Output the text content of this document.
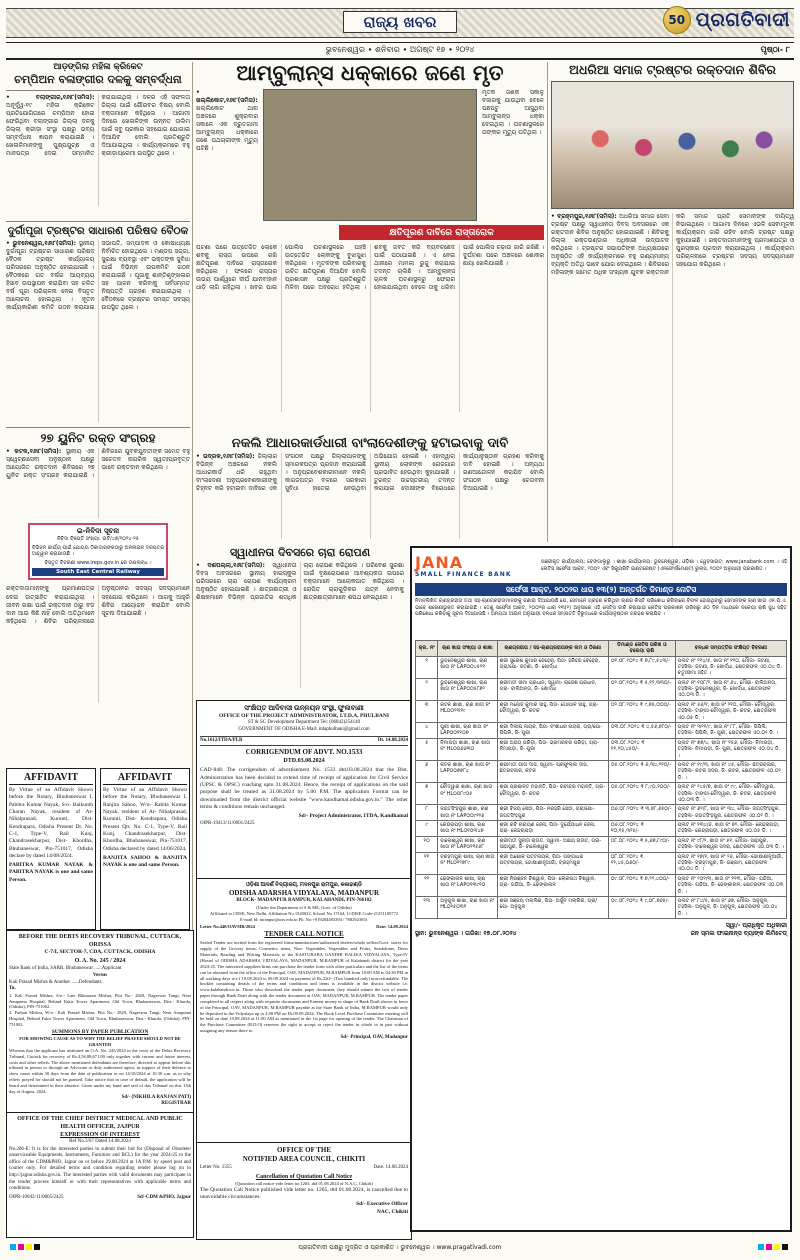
ରାଜ୍ୟ ଖବର	50 ପ୍ରଗତିବାଦୀ
ଭୁବନେଶ୍ୱର ∙ ଶନିବାର ∙ ଅଗଷ୍ଟ ୧୭ ∙ ୨୦୨୪	ପୃଷ୍ଠା- ୮
ଆଡ଼ଙ୍ଗିଲା ମହିଳା କ୍ରିକେଟ
ଚମ୍ପିଅନ ବଳାଙ୍ଗୀର ଦଳକୁ ସମ୍ବର୍ଦ୍ଧନା
• ବଲାଙ୍ଗୀର,୧୬ା୮(ସମିସ): ଅନୂର୍ଦ୍ଧ୍ୱ-୧୯ ମହିଳା କ୍ରିକେଟ ପ୍ରତିଯୋଗିତାରେ ଚମ୍ପିଅନ ହୋଇ ଫେରିଥିବା ବଲାଙ୍ଗୀର ଜିଲ୍ଲା ଦଳକୁ ଜିଲ୍ଲା କ୍ରୀଡ଼ା ସଂସ୍ଥା ପକ୍ଷରୁ ଭବ୍ୟ ସମ୍ବର୍ଦ୍ଧନା ଜ୍ଞାପନ କରାଯାଇଛି । ଖେଳାଳିମାନଙ୍କୁ ପୁଷ୍ପଗୁଚ୍ଛ ଓ ମାନପତ୍ର ଦେଇ ସମ୍ମାନିତ କରାଯାଇଥିଲା । ଦଳର ଏହି ସଫଳତା ଜିଲ୍ଲା ପାଇଁ ଗୌରବର ବିଷୟ ବୋଲି ବକ୍ତାମାନେ କହିଥିଲେ । ଆଗାମୀ ଦିନରେ ଖେଳାଳିଙ୍କ ଉନ୍ନତ ତାଲିମ ପାଇଁ ସବୁ ପ୍ରକାର ସହଯୋଗ ଯୋଗାଇ ଦିଆଯିବ ବୋଲି ପ୍ରତିଶ୍ରୁତି ଦିଆଯାଇଥିଲା । କାର୍ଯ୍ୟକ୍ରମରେ ବହୁ କ୍ରୀଡ଼ାପ୍ରେମୀ ଉପସ୍ଥିତ ଥିଲେ ।
ଦୁର୍ଗାପୂଜା ଟ୍ରଷ୍ଟର ସାଧାରଣ ପରିଷଦ ବୈଠକ
• ଭୁବନେଶ୍ୱର,୧୬ା୮(ସମିସ): ସ୍ଥାନୀୟ ଦୁର୍ଗାପୂଜା ଟ୍ରଷ୍ଟର ସାଧାରଣ ପରିଷଦ ବୈଠକ ଟ୍ରଷ୍ଟ କାର୍ଯ୍ୟାଳୟ ପରିସରରେ ଅନୁଷ୍ଠିତ ହୋଇଯାଇଛି । ବୈଠକରେ ଗତ ବର୍ଷର ଆୟବ୍ୟୟ ହିସାବ ଉପସ୍ଥାପନ କରାଯିବା ସହ ଚଳିତ ବର୍ଷ ପୂଜା ପରିଚାଳନା ନେଇ ବିସ୍ତୃତ ଆଲୋଚନା ହୋଇଥିଲା । ନୂତନ କାର୍ଯ୍ୟକାରିଣୀ କମିଟି ଗଠନ କରାଯାଇ ସଭାପତି, ସମ୍ପାଦକ ଓ କୋଷାଧ୍ୟକ୍ଷ ନିର୍ବାଚିତ ହୋଇଥିଲେ । ମଣ୍ଡପ ସଜ୍ଜା, ସୁରକ୍ଷା ବ୍ୟବସ୍ଥା ଏବଂ ଭକ୍ତଙ୍କ ସୁବିଧା ପାଇଁ ବିଭିନ୍ନ ଉପକମିଟି ଗଠନ କରାଯାଇଛି । ପୂଜାକୁ ଶାନ୍ତିଶୃଙ୍ଖଳାର ସହ ପାଳନ କରିବାକୁ ସର୍ବସମ୍ମତ ନିଷ୍ପତ୍ତି ଗ୍ରହଣ କରାଯାଇଥିଲା । ବୈଠକରେ ଟ୍ରଷ୍ଟର ସମସ୍ତ ସଦସ୍ୟ ଉପସ୍ଥିତ ଥିଲେ ।
୨୭ ୟୁନିଟ ରକ୍ତ ସଂଗ୍ରହ
• କଟକ,୧୬ା୮(ସମିସ): ସ୍ଥାନୀୟ ଏକ ସ୍ୱେଚ୍ଛାସେବୀ ଅନୁଷ୍ଠାନ ପକ୍ଷରୁ ଆୟୋଜିତ ରକ୍ତଦାନ ଶିବିରରେ ୨୭ ୟୁନିଟ ରକ୍ତ ସଂଗ୍ରହ କରାଯାଇଛି । ଶିବିରରେ ଯୁବକଯୁବତୀଙ୍କ ସମେତ ବହୁ ସଚେତନ ନାଗରିକ ସ୍ୱତଃପ୍ରବୃତ୍ତ ଭାବେ ରକ୍ତଦାନ କରିଥିଲେ ।
ଇ-ନିବିଦା ସୂଚନା
ନିବିଦା ବିଜ୍ଞପ୍ତି ସଂଖ୍ୟା: ଇଟି/୪୭/୨୦୨୪-୨୫
ବିଭିନ୍ନ କାର୍ଯ୍ୟ ପାଇଁ ଯୋଗ୍ୟ ଠିକାଦାରଙ୍କଠାରୁ ଅନଲାଇନ ଦରପତ୍ର ଆହ୍ୱାନ କରାଯାଉଛି ।
ବିସ୍ତୃତ ବିବରଣୀ www.ireps.gov.in ରେ ଉପଲବ୍ଧ ।
South East Central Railway
ରକ୍ତଦାତାମାନଙ୍କୁ ପ୍ରମାଣପତ୍ର ଦେଇ ଉତ୍ସାହିତ କରାଯାଇଥିଲା । ଜୀବନ ରକ୍ଷା ପାଇଁ ରକ୍ତଦାନ ଠାରୁ ବଡ଼ ଦାନ ଆଉ କିଛି ନାହିଁ ବୋଲି ଅତିଥିମାନେ କହିଥିଲେ । ଶିବିର ପରିଚାଳନାରେ ଅନୁଷ୍ଠାନର ସଦସ୍ୟ ସଦସ୍ୟାମାନେ ସହଯୋଗ କରିଥିଲେ । ଆଗକୁ ଆହୁରି ଶିବିର ଆୟୋଜନ କରାଯିବ ବୋଲି ସୂଚନା ଦିଆଯାଇଛି ।
AFFIDAVIT
By Virtue of an Affidavit Shown before the Notary, Bhubaneswar I, Pabitra Kumar Nayak, S/o- Baikunth Charan Nayak, resident of At- Nihalprasad, Kurunti, Dist- Kendrapara, Odisha Present Dr. No. C-1, Type-V, Rail Kunj, Chandrasekharpur, Dist- Khordha, Bhubaneswar, Pin-751017, Odisha declare by dated 14/08/2024.
PABITRA KUMAR NAYAK & PABITRA NAYAK is one and same Person.
AFFIDAVIT
By Virtue of an Affidavit Shown before the Notary, Bhubaneswar I, Ranjita Sahoo, W/o- Rabita Kumar Nayak, resident of At- Nihalprasad, Kurunti, Dist- Kendrapara, Odisha Present Qtr. No. C-1, Type-V, Rail Kunj, Chandrasekharpur, Dist- Khordha, Bhubaneswar, Pin-751017, Odisha declared by dated 14/06/2024.
RANJITA SAHOO & RANJITA NAYAK is one and same Person.
BEFORE THE DEBTS RECOVERY TRIBUNAL, CUTTACK, ORISSA
C-7/I, SECTOR-7, CDA, CUTTACK, ODISHA
O. A. No. 245 / 2024
State Bank of India, SARB, Bhubaneswar ......Applicant
Versus
Kali Prasad Mishra & Another ......Defendants
To,
1. Kali Prasad Mishra, S/o.- Late Bhimasen Mishra, Plot No.- 2829, Nageswar Tangi, Near Anupuma Hospital, Behind Fakir Tower Apartment, Old Town, Bhubaneswar, Dist.- Khurda, (Odisha), PIN-751002.
2. Parbati Mishra, W/o.- Kali Prasad Mishra, Plot No.- 2829, Nageswar Tangi, Near Anupuma Hospital, Behind Fakir Tower Apartment, Old Town, Bhubaneswar, Dist.- Khurda, (Odisha), PIN-751002.
SUMMONS BY PAPER PUBLICATION
FOR SHOWING CAUSE AS TO WHY THE RELIEF PRAYED SHOULD NOT BE GRANTED
Whereas that the applicant has instituted an O.A. No. 245/2024 in the court of the Debts Recovery Tribunal, Cuttack for recovery of Rs.4,56,88,671.00 only together with current and future interest, costs and other reliefs. The above mentioned defendants are therefore, directed to appear before this tribunal in person or through an Advocate or duly authorized agent, in support of their defence to show cause within 30 days from the date of publication or on 14/10/2024 at 10.30 a.m. as to why reliefs prayed for should not be granted. Take notice that in case of default, the application will be heard and determined in their absence. Given under my hand and seal of this Tribunal on this 13th day of August, 2024.
Sd/- (NIKHILA RANJAN PATI)
REGISTRAR
OFFICE OF THE CHIEF DISTRICT MEDICAL AND PUBLIC HEALTH OFFICER, JAJPUR
EXPRESSION OF INTEREST
Ref No.3/67 Dated 14.08.2024
No.206-E: It is for the interested parties to submit their bid for (Disposal of Obsolete/ unserviceable Equipments, Instruments, Furniture and BCL) for the year 2024-25 to the office of the CDM&PHO, Jajpur on or before 29.08.2024 at 1A P.M. by speed post and courier only. For detailed terms and condition regarding tender please log on to http://jajpur.odisha.gov.in. The interested parties with valid documents may participate in the tender process himself or with their representatives with applicable terms and conditions.
OIPR-10042/11/0005/2425	Sd/-CDM &PHO, Jajpur
ଆମ୍ବୁଲାନ୍ସ ଧକ୍କାରେ ଜଣେ ମୃତ
• ଖଲ୍ଲିକୋଟ,୧୬ା୮(ସମିସ): ଖଲ୍ଲିକୋଟ ଥାନା ଅଞ୍ଚଳରେ ଶୁକ୍ରବାର ସକାଳେ ଏକ ଦ୍ରୁତଗାମୀ ଆମ୍ବୁଲାନ୍ସ ଧକ୍କାରେ ଜଣେ ପଥଚାରୀଙ୍କ ମୃତ୍ୟୁ ଘଟିଛି ।
ମୃତକ ଜଣକ ସକାଳୁ ବଜାରକୁ ଯାଉଥିବା ବେଳେ ପଛପଟୁ ଆସୁଥିବା ଆମ୍ବୁଲାନ୍ସ ଧକ୍କା ଦେଇଥିଲା । ଘଟଣାସ୍ଥଳରେ ତାଙ୍କର ମୃତ୍ୟୁ ଘଟିଥିଲା ।
କ୍ଷତିପୂରଣ ଦାବିରେ ରାସ୍ତାରୋକ
ଘଟଣା ପରେ ଉତ୍ତେଜିତ ଲୋକେ ଶବକୁ ରାସ୍ତା ଉପରେ ରଖି କ୍ଷତିପୂରଣ ଦାବିରେ ରାସ୍ତାରୋକ କରିଥିଲେ । ଫଳରେ ରାସ୍ତାର ଉଭୟ ପାର୍ଶ୍ୱରେ ଦୀର୍ଘ ଯାନବାହାନ ଧାଡ଼ି ଲାଗି ରହିଥିଲା । ଖବର ପାଇ ପୋଲିସ ଘଟଣାସ୍ଥଳରେ ପହଞ୍ଚି ଉତ୍ତେଜିତ ଲୋକଙ୍କୁ ବୁଝାସୁଝା କରିଥିଲେ । ମୃତକଙ୍କ ପରିବାରକୁ ଉଚିତ କ୍ଷତିପୂରଣ ଦିଆଯିବ ବୋଲି ପ୍ରଶାସନ ପକ୍ଷରୁ ପ୍ରତିଶ୍ରୁତି ମିଳିବା ପରେ ଅବରୋଧ ହଟିଥିଲା । ଶବକୁ ଜବତ କରି ବ୍ୟବଚ୍ଛେଦ ପାଇଁ ପଠାଯାଇଛି । ଏ ନେଇ ଥାନାରେ ମାମଲା ରୁଜୁ କରାଯାଇ ତଦନ୍ତ ଚାଲିଛି । ଆମ୍ବୁଲାନ୍ସ ଚାଳକ ଘଟଣାସ୍ଥଳରୁ ଫେରାର ହୋଇଯାଇଥିବା ବେଳେ ତାକୁ ଧରିବା ପାଇଁ ପୋଲିସ ଚଢ଼ାଉ ଜାରି ରଖିଛି । ଦୁର୍ଘଟଣା ପରେ ଅଞ୍ଚଳରେ ଶୋକର ଛାୟା ଖେଳିଯାଇଛି ।
ନକଲି ଆଧାରକାର୍ଡଧାରୀ ବାଂଲାଦେଶୀଙ୍କୁ ହଟାଇବାକୁ ଦାବି
• ଭଦ୍ରକ,୧୬ା୮(ସମିସ): ଜିଲ୍ଲାର ବିଭିନ୍ନ ଅଞ୍ଚଳରେ ନକଲି ଆଧାରକାର୍ଡ ଧରି ରହୁଥିବା ବାଂଲାଦେଶୀ ଅନୁପ୍ରବେଶକାରୀଙ୍କୁ ଚିହ୍ନଟ କରି ହଟାଇବା ଦାବିରେ ଏକ ସଂଗଠନ ପକ୍ଷରୁ ଜିଲ୍ଲାପାଳଙ୍କୁ ସ୍ମାରକପତ୍ର ପ୍ରଦାନ କରାଯାଇଛି । ଅନୁପ୍ରବେଶକାରୀମାନେ ନକଲି କାଗଜପତ୍ର ବଳରେ ସରକାରୀ ସୁବିଧା ହାତେଇ ନେଉଥିବା ଅଭିଯୋଗ ହୋଇଛି । ଏହାଦ୍ୱାରା ସ୍ଥାନୀୟ ଲୋକଙ୍କ ରୋଜଗାର ପ୍ରଭାବିତ ହେଉଥିବା କୁହାଯାଇଛି । ତୁରନ୍ତ ଉଚ୍ଚସ୍ତରୀୟ ତଦନ୍ତ କରାଯାଇ ଦୋଷୀଙ୍କ ବିରୋଧରେ କାର୍ଯ୍ୟାନୁଷ୍ଠାନ ଗ୍ରହଣ କରିବାକୁ ଦାବି ହୋଇଛି । ଅନ୍ୟଥା ଗଣଆନ୍ଦୋଳନ କରାଯିବ ବୋଲି ସଂଗଠନ ପକ୍ଷରୁ ଚେତାବନୀ ଦିଆଯାଇଛି ।
ସ୍ୱାଧୀନତା ଦିବସରେ ଚାରା ରୋପଣ
• ଦଶପଲ୍ଲା,୧୬ା୮(ସମିସ): ସ୍ୱାଧୀନତା ଦିବସ ଅବସରରେ ସ୍ଥାନୀୟ ହାଇସ୍କୁଲ ପରିସରରେ ଚାରା ରୋପଣ କାର୍ଯ୍ୟକ୍ରମ ଅନୁଷ୍ଠିତ ହୋଇଯାଇଛି । ଛାତ୍ରଛାତ୍ରୀ ଓ ଶିକ୍ଷକମାନେ ବିଭିନ୍ନ ପ୍ରଜାତିର ଶତାଧିକ ଚାରା ରୋପଣ କରିଥିଲେ । ପରିବେଶ ସୁରକ୍ଷା ପାଇଁ ବୃକ୍ଷରୋପଣର ଆବଶ୍ୟକତା ଉପରେ ବକ୍ତାମାନେ ଆଲୋକପାତ କରିଥିଲେ । ରୋପିତ ଚାରାଗୁଡ଼ିକର ଯତ୍ନ ନେବାକୁ ଛାତ୍ରଛାତ୍ରୀମାନେ ଶପଥ ନେଇଥିଲେ ।
ସଂକ୍ଷିପ୍ତ ଆଦିବାସୀ ଉନ୍ନୟନ ସଂସ୍ଥା, ଫୁଲବାଣୀ
OFFICE OF THE PROJECT ADMINISTRATOR, I.T.D.A, PHULBANI
ST & SC Development Department Tel: (06842)254149
GOVERNMENT OF ODISHA E-Mail: itdaphulbani@gmail.com
No.1612/ITDA/PLB	Dt. 14.08.2024
CORRIGENDUM OF ADVT. NO.1533
DTD.03.08.2024
CAD-848: The corrigendum of advertisement No. 1533 dtd.03.08.2024 that the Dist. Administration has been decided to extend time of receipt of application for Civil Service (UPSC & OPSC) coaching upto 31.08.2024. Hence, the receipt of applications on the said purpose shall be treated as 31.08.2024 by 5.00 P.M. The application Format can be downloaded from the district official website "www.kandhamal.odisha.gov.in." The other terms & conditions remain unchanged.
Sd/- Project Administrator, ITDA, Kandhamal
OIPR-19413/11/0001/2425
ଓଡ଼ିଶା ଆଦର୍ଶ ବିଦ୍ୟାଳୟ, ମଦନପୁର ରାମପୁର, କଳାହାଣ୍ଡି
ODISHA ADARSHA VIDYALAYA, MADANPUR
BLOCK- MADANPUR RAMPUR, KALAHANDI, PIN-766102
(Under the Department of S & ME, Govt. of Odisha)
Affiliated to CBSE, New Delhi, Affiliation No.1520022, School No.17164, U-DISE Code-21251109772
E-mail Id: mranpur@oav.edu.in Ph. No:+919204483394 / 7682923651
Letter No.440/OAVMR/2024	Date: 14.08.2024
TENDER CALL NOTICE
Sealed Tender are invited from the registered firms/manufacturer/authorized dealers/whole sellers/Govt. stores for supply of the Grocery items, Cosmetics items, Non- Vegetables, Vegetables and Fruits, Seasbdome, Dress Materials, Reading and Writing Materials to the KASTURABA GANDHI BALIKA VIDYALAYA, Type-IV (Hostel of ODISHA ADARSHA VIDYALAYA, MADANPUR, M.RAMPUR of Kalahandi district for the year 2024-25. The interested suppliers/firms can purchase the tender form with other particulars and the list of the items can be obtained from the office of the Principal, OAV, MADANPUR, M.RAMPUR from 10:00 AM to 04:30 PM in all working days w.e.f 19.08.2024 to 09.09.2024 on payment of Rs.220/- (Two hundred only) non-refundable. The booklet containing details of the terms and conditions and items is available in the district website i.e. www.kalahandi.nic.in. Those who download the tender paper document, they should submit the cost of tender paper through Bank Draft along with the tender document at OAV, MADANPUR, M.RAMPUR. The tender paper completed in all respect along with requisite documents and Earnest money in shape of Bank Draft shown in favor of the Principal, OAV, MADANPUR, M.RAMPUR payable at the State Bank of India, M.RAMPUR would only be deposited in the Vidyalaya up to 4.00 PM on Dt.09.09.2024. The Book Level Purchase Committee meeting will be held on date 10.09.2024 at 11:00 AM as mentioned in the 1st page for opening of the tender. The Chairman of the Purchase Committee (B.D.O) reserves the right to accept or reject the tender in whole or in part without assigning any reason there to.
Sd/- Principal, OAV, Madanpur
OFFICE OF THE
NOTIFIED AREA COUNCIL, CHIKITI
Letter No. 1355	Date. 14.08.2024
Cancellation of Quotation Call Notice
(Quotation call notice vide letter no.1265, dtd 01.08.2024 of N.A.C, Chikiti)
The Quotation Call Notice published vide letter no. 1265, dtd 01.08.2024, is cancelled due to unavoidable circumstances.
Sd/- Executive Officer
NAC, Chikiti
ଅଧରିଆ ସମାଜ ଟ୍ରଷ୍ଟର ରକ୍ତଦାନ ଶିବିର
• ବ୍ରହ୍ମପୁର,୧୬ା୮(ସମିସ): ଅଧରିଆ ସମାଜ ସେବା ଟ୍ରଷ୍ଟ ପକ୍ଷରୁ ସ୍ୱାଧୀନତା ଦିବସ ଅବସରରେ ଏକ ରକ୍ତଦାନ ଶିବିର ଅନୁଷ୍ଠିତ ହୋଇଯାଇଛି । ଶିବିରକୁ ଜିଲ୍ଲା ରକ୍ତଭଣ୍ଡାର ଅଧିକାରୀ ଉଦ୍‌ଘାଟନ କରିଥିଲେ । ଟ୍ରଷ୍ଟର ସଭାପତିଙ୍କ ଅଧ୍ୟକ୍ଷତାରେ ଅନୁଷ୍ଠିତ ଏହି କାର୍ଯ୍ୟକ୍ରମରେ ବହୁ ଗଣ୍ୟମାନ୍ୟ ବ୍ୟକ୍ତି ଅତିଥି ଭାବେ ଯୋଗ ଦେଇଥିଲେ । ଶିବିରରେ ମହିଳାଙ୍କ ସମେତ ଅଧିକ ସଂଖ୍ୟକ ଯୁବକ ରକ୍ତଦାନ କରି ସମାଜ ପ୍ରତି ସେମାନଙ୍କ ଦାୟିତ୍ୱ ନିଭାଇଥିଲେ । ଆଗାମୀ ଦିନରେ ଏଭଳି ସେବାମୂଳକ କାର୍ଯ୍ୟକ୍ରମ ଜାରି ରହିବ ବୋଲି ଟ୍ରଷ୍ଟ ପକ୍ଷରୁ କୁହାଯାଇଛି । ରକ୍ତଦାତାମାନଙ୍କୁ ପ୍ରମାଣପତ୍ର ଓ ପୁରସ୍କାର ପ୍ରଦାନ କରାଯାଇଥିଲା । କାର୍ଯ୍ୟକ୍ରମ ପରିଚାଳନାରେ ଟ୍ରଷ୍ଟର ସଦସ୍ୟ ସଦସ୍ୟାମାନେ ସହଯୋଗ କରିଥିଲେ ।
JANA
SMALL FINANCE BANK
ପଞ୍ଜୀକୃତ କାର୍ଯ୍ୟାଳୟ: ବେଙ୍ଗାଲୁରୁ । ଶାଖା କାର୍ଯ୍ୟାଳୟ: ଭୁବନେଶ୍ୱର, ଓଡ଼ିଶା । ୱେବସାଇଟ୍: www.janabank.com । ଏହି ନୋଟିସ ସର୍ଫେସୀ ଆକ୍ଟ, ୨୦୦୨ ଏବଂ ସିକ୍ୟୁରିଟି ଇଣ୍ଟରେଷ୍ଟ (ଏନଫୋର୍ସମେଣ୍ଟ) ରୁଲ୍ସ, ୨୦୦୨ ଅନୁଯାୟୀ ପ୍ରକାଶିତ ।
ସର୍ଫେସୀ ଆକ୍ଟ, ୨୦୦୨ର ଧାରା ୧୩(୨) ଅନ୍ତର୍ଗତ ଡିମାଣ୍ଡ ନୋଟିସ
ନିମ୍ନଲିଖିତ ଋଣଗ୍ରହୀତା ତଥା ସହ-ଋଣଗ୍ରହୀତାମାନଙ୍କୁ ଜଣାଇ ଦିଆଯାଉଛି ଯେ, ସେମାନେ ଗ୍ରହଣ କରିଥିବା ଋଣର କିସ୍ତି ପରିଶୋଧ କରିବାରେ ବିଫଳ ହୋଇଥିବାରୁ ସେମାନଙ୍କ ଋଣ ଖାତା ଏନ.ପି.ଏ. ଭାବେ ଶ୍ରେଣୀଭୁକ୍ତ କରାଯାଇଛି । ତେଣୁ ସର୍ଫେସୀ ଆକ୍ଟ, ୨୦୦୨ର ଧାରା ୧୩(୨) ଅନୁସାରେ ଏହି ନୋଟିସ ଜାରି କରାଯାଇ ନୋଟିସ ପ୍ରକାଶନ ତାରିଖରୁ ୬୦ ଦିନ ମଧ୍ୟରେ ବକେୟା ରାଶି ସୁଧ ସହିତ ପରିଶୋଧ କରିବାକୁ ସୂଚନା ଦିଆଯାଉଛି । ଅନ୍ୟଥା ଆଇନ ଅନୁଯାୟୀ ବନ୍ଧକ ସମ୍ପତ୍ତି ବିରୁଦ୍ଧରେ କାର୍ଯ୍ୟାନୁଷ୍ଠାନ ଗ୍ରହଣ କରାଯିବ ।
କ୍ର. ନଂ	ଋଣ ଖାତା ସଂଖ୍ୟା ଓ ଶାଖା	ଋଣଗ୍ରହୀତା / ସହ-ଋଣଗ୍ରହୀତାଙ୍କ ନାମ ଓ ଠିକଣା	ଡିମାଣ୍ଡ ନୋଟିସ ତାରିଖ ଓ ବକେୟା ରାଶି	ବନ୍ଧକ ସମ୍ପତ୍ତିର ସଂକ୍ଷିପ୍ତ ବିବରଣୀ
୧	ଭୁବନେଶ୍ୱର ଶାଖା, ଋଣ ଖାତା ନଂ LAP୦୦୪୫୨୧	ଶ୍ରୀ ସୁରେଶ କୁମାର ବେହେରା, ପିତା- ହରିହର ବେହେରା, ଗ୍ରା/ପୋ- ଜଟଣୀ, ଜି- ଖୋର୍ଦ୍ଧା	୦୧.୦୮.୨୦୨୪ ₹ ୭,୮୯,୫୪୩/-	ପ୍ଲଟ ନଂ ୨୧୪/୫, ଖାତା ନଂ ୧୨୦, ମୌଜା- ଜଟଣୀ, ତହସିଲ- ଜଟଣୀ, ଜି- ଖୋର୍ଦ୍ଧା, କ୍ଷେତ୍ରଫଳ ଏ୦.୦୪ ଡି. ଚତୁଃସୀମା ସହିତ ।
୨	ଭୁବନେଶ୍ୱର ଶାଖା, ଋଣ ଖାତା ନଂ LAP୦୦୫୮୭୨	ଶ୍ରୀମତୀ ସୀମା ପ୍ରଧାନ, ସ୍ୱାମୀ- ରାଜେଶ ପ୍ରଧାନ, ଗ୍ରା- ବାଲିଅନ୍ତା, ଜି- ଖୋର୍ଦ୍ଧା	୦୨.୦୮.୨୦୨୪ ₹ ୫,୧୨,୩୩୦/-	ପ୍ଲଟ ନଂ ୧୦୮/୨, ଖାତା ନଂ ୬୪, ମୌଜା- ବାଲିଅନ୍ତା, ତହସିଲ- ଭୁବନେଶ୍ୱର, ଜି- ଖୋର୍ଦ୍ଧା, କ୍ଷେତ୍ରଫଳ ଏ୦.୦୩ ଡି. ।
୩	କଟକ ଶାଖା, ଋଣ ଖାତା ନଂ HL୦୦୨୩୧୯	ଶ୍ରୀ ମନୋଜ କୁମାର ସାହୁ, ପିତା- ଗୋପାଳ ସାହୁ, ଗ୍ରା- ଚୌଦ୍ୱାର, ଜି- କଟକ	୦୨.୦୮.୨୦୨୪ ₹ ୯,୭୫,୦୦୦/-	ପ୍ଲଟ ନଂ ୫୬/୧, ଖାତା ନଂ ୨୧୦, ମୌଜା- ଚୌଦ୍ୱାର, ତହସିଲ- ଟାଙ୍ଗୀ-ଚୌଦ୍ୱାର, ଜି- କଟକ, କ୍ଷେତ୍ରଫଳ ଏ୦.୦୫ ଡି. ।
୪	ପୁରୀ ଶାଖା, ଋଣ ଖାତା ନଂ LAP୦୦୧୧୦୭	ଶ୍ରୀ ଦିଲୀପ ନାୟକ, ପିତା- ବଂଶୀଧର ନାୟକ, ଗ୍ରା/ପୋ- ପିପିଲି, ଜି- ପୁରୀ	୦୩.୦୮.୨୦୨୪ ₹ ୪,୫୬,୭୮୦/-	ପ୍ଲଟ ନଂ ୩୨୧/୯, ଖାତା ନଂ ୮୮, ମୌଜା- ପିପିଲି, ତହସିଲ- ପିପିଲି, ଜି- ପୁରୀ, କ୍ଷେତ୍ରଫଳ ଏ୦.୦୨ ଡି. ।
୫	ନିମାପଡ଼ା ଶାଖା, ଋଣ ଖାତା ନଂ HL୦୦୬୬୩୦	ଶ୍ରୀ ଅଜୟ ପରିଡ଼ା, ପିତା- ଭ୍ରମରବର ପରିଡ଼ା, ଗ୍ରା- ନିମାପଡ଼ା, ଜି- ପୁରୀ	୦୩.୦୮.୨୦୨୪ ₹ ୧୧,୨୦,୪୫୦/-	ପ୍ଲଟ ନଂ ୭୭/୪, ଖାତା ନଂ ୧୫୬, ମୌଜା- ନିମାପଡ଼ା, ତହସିଲ- ନିମାପଡ଼ା, ଜି- ପୁରୀ, କ୍ଷେତ୍ରଫଳ ଏ୦.୦୪ ଡି. ।
୬	କଟକ ଶାଖା, ଋଣ ଖାତା ନଂ LAP୦୦୭୭୮୪	ଶ୍ରୀମତୀ ଗୀତା ଦାସ, ସ୍ୱାମୀ- ପ୍ରଫୁଲ୍ଲ ଦାସ, ଛତ୍ରବଜାର, କଟକ	୦୫.୦୮.୨୦୨୪ ₹ ୬,୩୪,୨୧୦/-	ପ୍ଲଟ ନଂ ୧୯/୩, ଖାତା ନଂ ୪୫, ମୌଜା- ଛତ୍ରବଜାର, ତହସିଲ- କଟକ ସଦର, ଜି- କଟକ, କ୍ଷେତ୍ରଫଳ ଏ୦.୦୨ ଡି. ।
୭	ଚୌଦ୍ୱାର ଶାଖା, ଋଣ ଖାତା ନଂ HL୦୦୮୯୦୫	ଶ୍ରୀ ପ୍ରଶାନ୍ତ ମହାନ୍ତି, ପିତା- ରବୀନ୍ଦ୍ର ମହାନ୍ତି, ଗ୍ରା- ଚୌଦ୍ୱାର, ଜି- କଟକ	୦୫.୦୮.୨୦୨୪ ₹ ୮,୯୦,୧୦୦/-	ପ୍ଲଟ ନଂ ୨୪୫/୭, ଖାତା ନଂ ୯୯, ମୌଜା- ଚୌଦ୍ୱାର, ତହସିଲ- ଟାଙ୍ଗୀ-ଚୌଦ୍ୱାର, ଜି- କଟକ, କ୍ଷେତ୍ରଫଳ ଏ୦.୦୩ ଡି. ।
୮	ଜଗତସିଂହପୁର ଶାଖା, ଋଣ ଖାତା ନଂ LAP୦୦୯୧୨୬	ଶ୍ରୀ ବିଜୟ ସେଠୀ, ପିତା- ନରହରି ସେଠୀ, ଗ୍ରା/ପୋ- ଜଗତସିଂହପୁର	୦୬.୦୮.୨୦୨୪ ₹ ୩,୭୮,୬୫୦/-	ପ୍ଲଟ ନଂ ୬୨/୮, ଖାତା ନଂ ୩୪, ମୌଜା- ଜଗତସିଂହପୁର, ତହସିଲ- ଜଗତସିଂହପୁର, କ୍ଷେତ୍ରଫଳ ଏ୦.୦୨ ଡି. ।
୯	କେନ୍ଦ୍ରାପଡ଼ା ଶାଖା, ଋଣ ଖାତା ନଂ HL୦୧୦୩୪୭	ଶ୍ରୀ ରବି ନାରାୟଣ ଜେନା, ପିତା- ଦୁର୍ଯ୍ୟୋଧନ ଜେନା, ଗ୍ରା- କେନ୍ଦ୍ରାପଡ଼ା	୦୬.୦୮.୨୦୨୪ ₹ ୧୦,୧୫,୩୨୫/-	ପ୍ଲଟ ନଂ ୧୩୪/୬, ଖାତା ନଂ ୭୨, ମୌଜା- କେନ୍ଦ୍ରାପଡ଼ା, ତହସିଲ- କେନ୍ଦ୍ରାପଡ଼ା, କ୍ଷେତ୍ରଫଳ ଏ୦.୦୫ ଡି. ।
୧୦	ବାଲେଶ୍ୱର ଶାଖା, ଋଣ ଖାତା ନଂ LAP୦୧୧୫୬୮	ଶ୍ରୀମତୀ ସୁନୀତା ରାଉତ, ସ୍ୱାମୀ- ଅକ୍ଷୟ ରାଉତ, ଗ୍ରା- ସାହାପୁର, ଜି- ବାଲେଶ୍ୱର	୦୮.୦୮.୨୦୨୪ ₹ ୫,୬୭,୮୯୦/-	ପ୍ଲଟ ନଂ ୯୮/୨, ଖାତା ନଂ ୫୧, ମୌଜା- ସାହାପୁର, ତହସିଲ- ବାଲେଶ୍ୱର ସଦର, କ୍ଷେତ୍ରଫଳ ଏ୦.୦୩ ଡି. ।
୧୧	ବ୍ରହ୍ମପୁର ଶାଖା, ଋଣ ଖାତା ନଂ HL୦୧୨୭୮୯	ଶ୍ରୀ ଅଶୋକ ପଟ୍ଟନାୟକ, ପିତା- ଗଙ୍ଗାଧର ପଟ୍ଟନାୟକ, ଗୋଷାଣୀନୂଆଗାଁ, ବ୍ରହ୍ମପୁର	୦୮.୦୮.୨୦୨୪ ₹ ୧୨,୪୫,୦୬୦/-	ପ୍ଲଟ ନଂ ୧୭/୧, ଖାତା ନଂ ୨୬, ମୌଜା- ଗୋଷାଣୀନୂଆଗାଁ, ତହସିଲ- ବ୍ରହ୍ମପୁର, ଜି- ଗଞ୍ଜାମ, କ୍ଷେତ୍ରଫଳ ଏ୦.୦୪ ଡି. ।
୧୨	ଢେଙ୍କାନାଳ ଶାଖା, ଋଣ ଖାତା ନଂ LAP୦୧୩୯୧୦	ଶ୍ରୀ ନିରଞ୍ଜନ ବିଶ୍ୱାଳ, ପିତା- ଲୋକନାଥ ବିଶ୍ୱାଳ, ଗ୍ରା- ଗନ୍ଦିଆ, ଜି- ଢେଙ୍କାନାଳ	୦୯.୦୮.୨୦୨୪ ₹ ୭,୨୨,୪୦୦/-	ପ୍ଲଟ ନଂ ୨୦୧/୩, ଖାତା ନଂ ୧୧୩, ମୌଜା- ଗନ୍ଦିଆ, ତହସିଲ- ଗନ୍ଦିଆ, ଜି- ଢେଙ୍କାନାଳ, କ୍ଷେତ୍ରଫଳ ଏ୦.୦୩ ଡି. ।
୧୩	ଅନୁଗୁଳ ଶାଖା, ଋଣ ଖାତା ନଂ HL୦୧୫୦୩୧	ଶ୍ରୀ ସଞ୍ଜୟ ମଲ୍ଲିକ, ପିତା- ଅର୍ଜୁନ ମଲ୍ଲିକ, ଗ୍ରା/ପୋ- ଅନୁଗୁଳ	୦୯.୦୮.୨୦୨୪ ₹ ୯,୦୮,୭୬୫/-	ପ୍ଲଟ ନଂ ୮୪/୫, ଖାତା ନଂ ୬୭, ମୌଜା- ଅନୁଗୁଳ, ତହସିଲ- ଅନୁଗୁଳ, ଜି- ଅନୁଗୁଳ, କ୍ଷେତ୍ରଫଳ ଏ୦.୦୪ ଡି. ।
ସ୍ଥାନ: ଭୁବନେଶ୍ୱର । ତାରିଖ: ୧୭.୦୮.୨୦୨୪
ସ୍ୱା/- ପ୍ରାଧିକୃତ ଅଧିକାରୀ
ଜନ ସ୍ମଲ ଫାଇନାନ୍ସ ବ୍ୟାଙ୍କ ଲିମିଟେଡ୍
ପ୍ରଗତିବାଦୀ ପକ୍ଷରୁ ମୁଦ୍ରିତ ଓ ପ୍ରକାଶିତ । ଭୁବନେଶ୍ୱର । www.pragativadi.com
